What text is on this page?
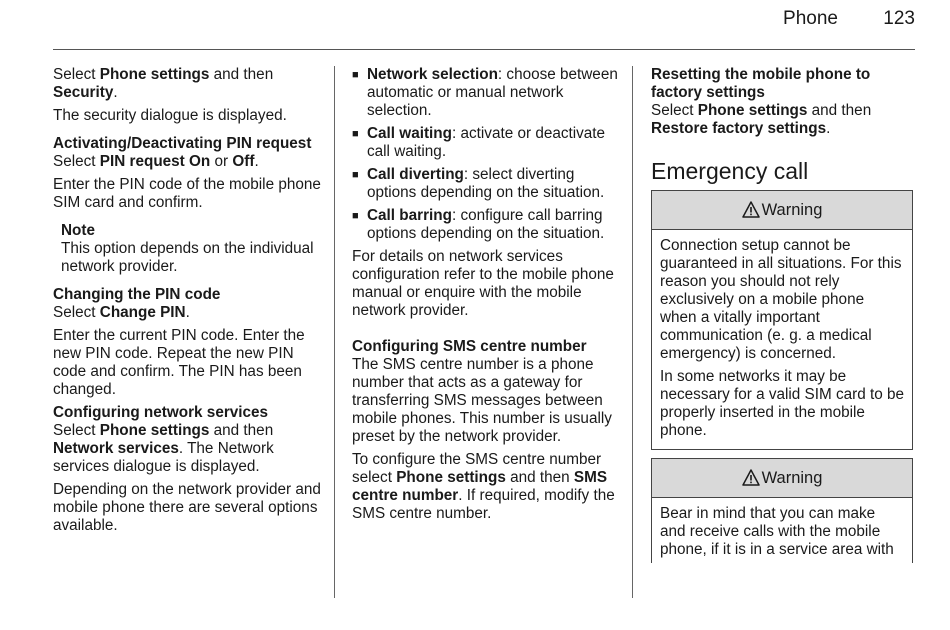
Phone 123

Select Phone settings and then Security.

The security dialogue is displayed.

Activating/Deactivating PIN request

Select PIN request On or Off.

Enter the PIN code of the mobile phone SIM card and confirm.

Note
This option depends on the individual network provider.
Changing the PIN code

Select Change PIN.

Enter the current PIN code. Enter the new PIN code. Repeat the new PIN code and confirm. The PIN has been changed.

Configuring network services

Select Phone settings and then Network services. The Network services dialogue is displayed.

Depending on the network provider and mobile phone there are several options available.

■ Network selection: choose between automatic or manual network selection.
■ Call waiting: activate or deactivate call waiting.
■ Call diverting: select diverting options depending on the situation.
■ Call barring: configure call barring options depending on the situation.

For details on network services configuration refer to the mobile phone manual or enquire with the mobile network provider.

Configuring SMS centre number

The SMS centre number is a phone number that acts as a gateway for transferring SMS messages between mobile phones. This number is usually preset by the network provider.

To configure the SMS centre number select Phone settings and then SMS centre number. If required, modify the SMS centre number.

Resetting the mobile phone to factory settings

Select Phone settings and then Restore factory settings.

Emergency call
Warning

Connection setup cannot be guaranteed in all situations. For this reason you should not rely exclusively on a mobile phone when a vitally important communication (e. g. a medical emergency) is concerned.

In some networks it may be necessary for a valid SIM card to be properly inserted in the mobile phone.

Warning

Bear in mind that you can make and receive calls with the mobile phone, if it is in a service area with
